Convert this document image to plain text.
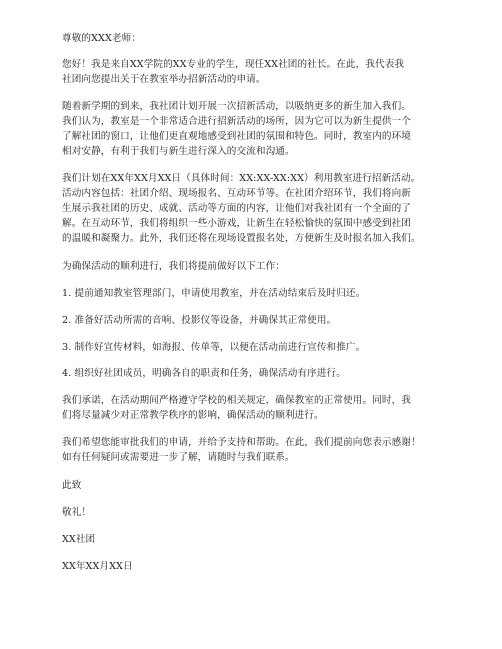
尊敬的XXX老师：
您好！我是来自XX学院的XX专业的学生，现任XX社团的社长。在此，我代表我
社团向您提出关于在教室举办招新活动的申请。
随着新学期的到来，我社团计划开展一次招新活动，以吸纳更多的新生加入我们。
我们认为，教室是一个非常适合进行招新活动的场所，因为它可以为新生提供一个
了解社团的窗口，让他们更直观地感受到社团的氛围和特色。同时，教室内的环境
相对安静，有利于我们与新生进行深入的交流和沟通。
我们计划在XX年XX月XX日（具体时间：XX:XX-XX:XX）利用教室进行招新活动。
活动内容包括：社团介绍、现场报名、互动环节等。在社团介绍环节，我们将向新
生展示我社团的历史、成就、活动等方面的内容，让他们对我社团有一个全面的了
解。在互动环节，我们将组织一些小游戏，让新生在轻松愉快的氛围中感受到社团
的温暖和凝聚力。此外，我们还将在现场设置报名处，方便新生及时报名加入我们。
为确保活动的顺利进行，我们将提前做好以下工作：
1. 提前通知教室管理部门，申请使用教室，并在活动结束后及时归还。
2. 准备好活动所需的音响、投影仪等设备，并确保其正常使用。
3. 制作好宣传材料，如海报、传单等，以便在活动前进行宣传和推广。
4. 组织好社团成员，明确各自的职责和任务，确保活动有序进行。
我们承诺，在活动期间严格遵守学校的相关规定，确保教室的正常使用。同时，我
们将尽量减少对正常教学秩序的影响，确保活动的顺利进行。
我们希望您能审批我们的申请，并给予支持和帮助。在此，我们提前向您表示感谢！
如有任何疑问或需要进一步了解，请随时与我们联系。
此致
敬礼！
XX社团
XX年XX月XX日
